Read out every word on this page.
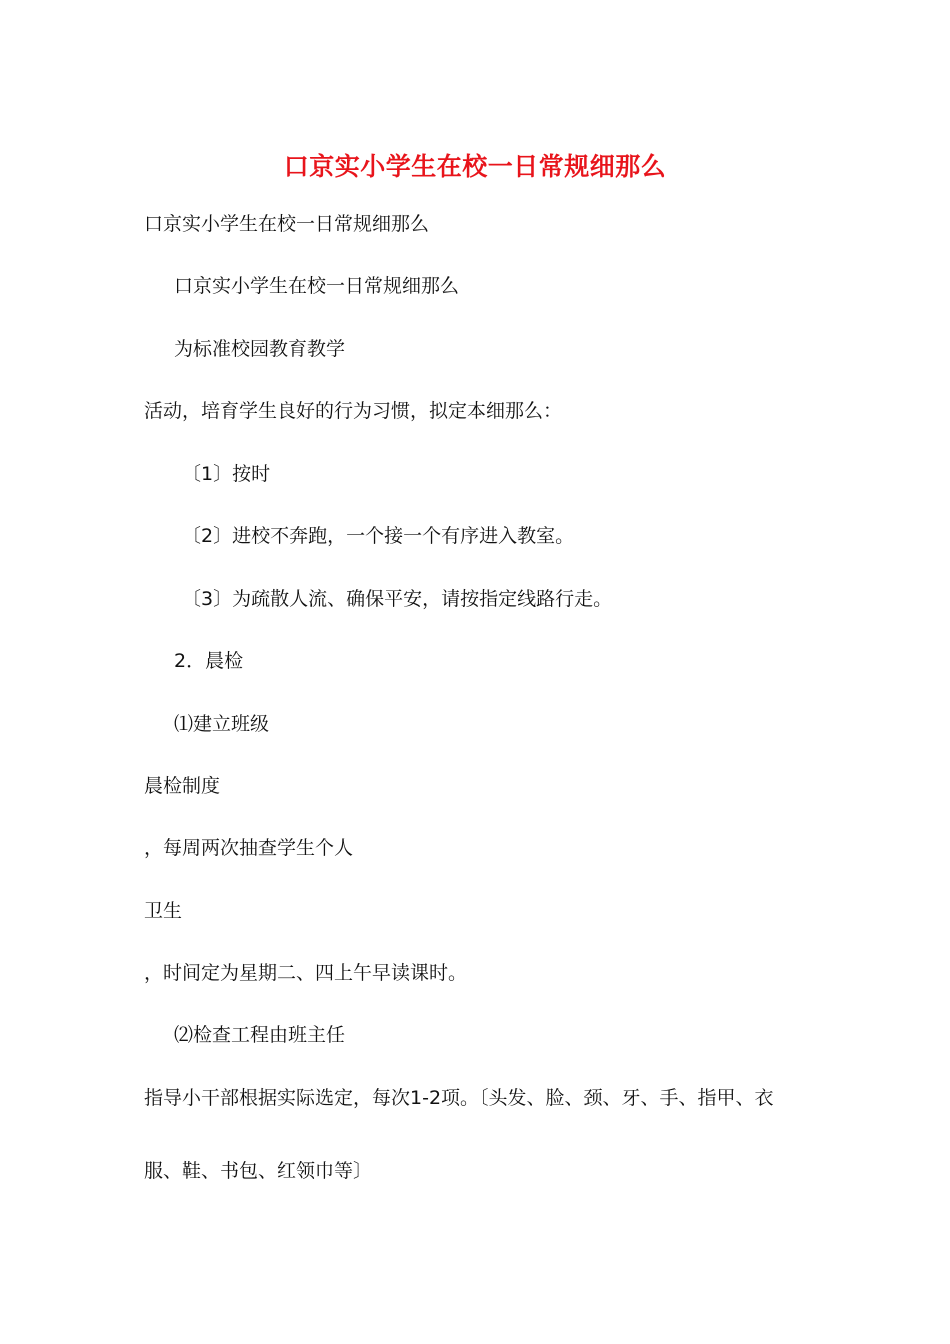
口京实小学生在校一日常规细那么
口京实小学生在校一日常规细那么
口京实小学生在校一日常规细那么
为标准校园教育教学
活动，培育学生良好的行为习惯，拟定本细那么：
〔1〕按时
〔2〕进校不奔跑，一个接一个有序进入教室。
〔3〕为疏散人流、确保平安，请按指定线路行走。
2．晨检
⑴建立班级
晨检制度
，每周两次抽查学生个人
卫生
，时间定为星期二、四上午早读课时。
⑵检查工程由班主任
指导小干部根据实际选定，每次1-2项。〔头发、脸、颈、牙、手、指甲、衣
服、鞋、书包、红领巾等〕
